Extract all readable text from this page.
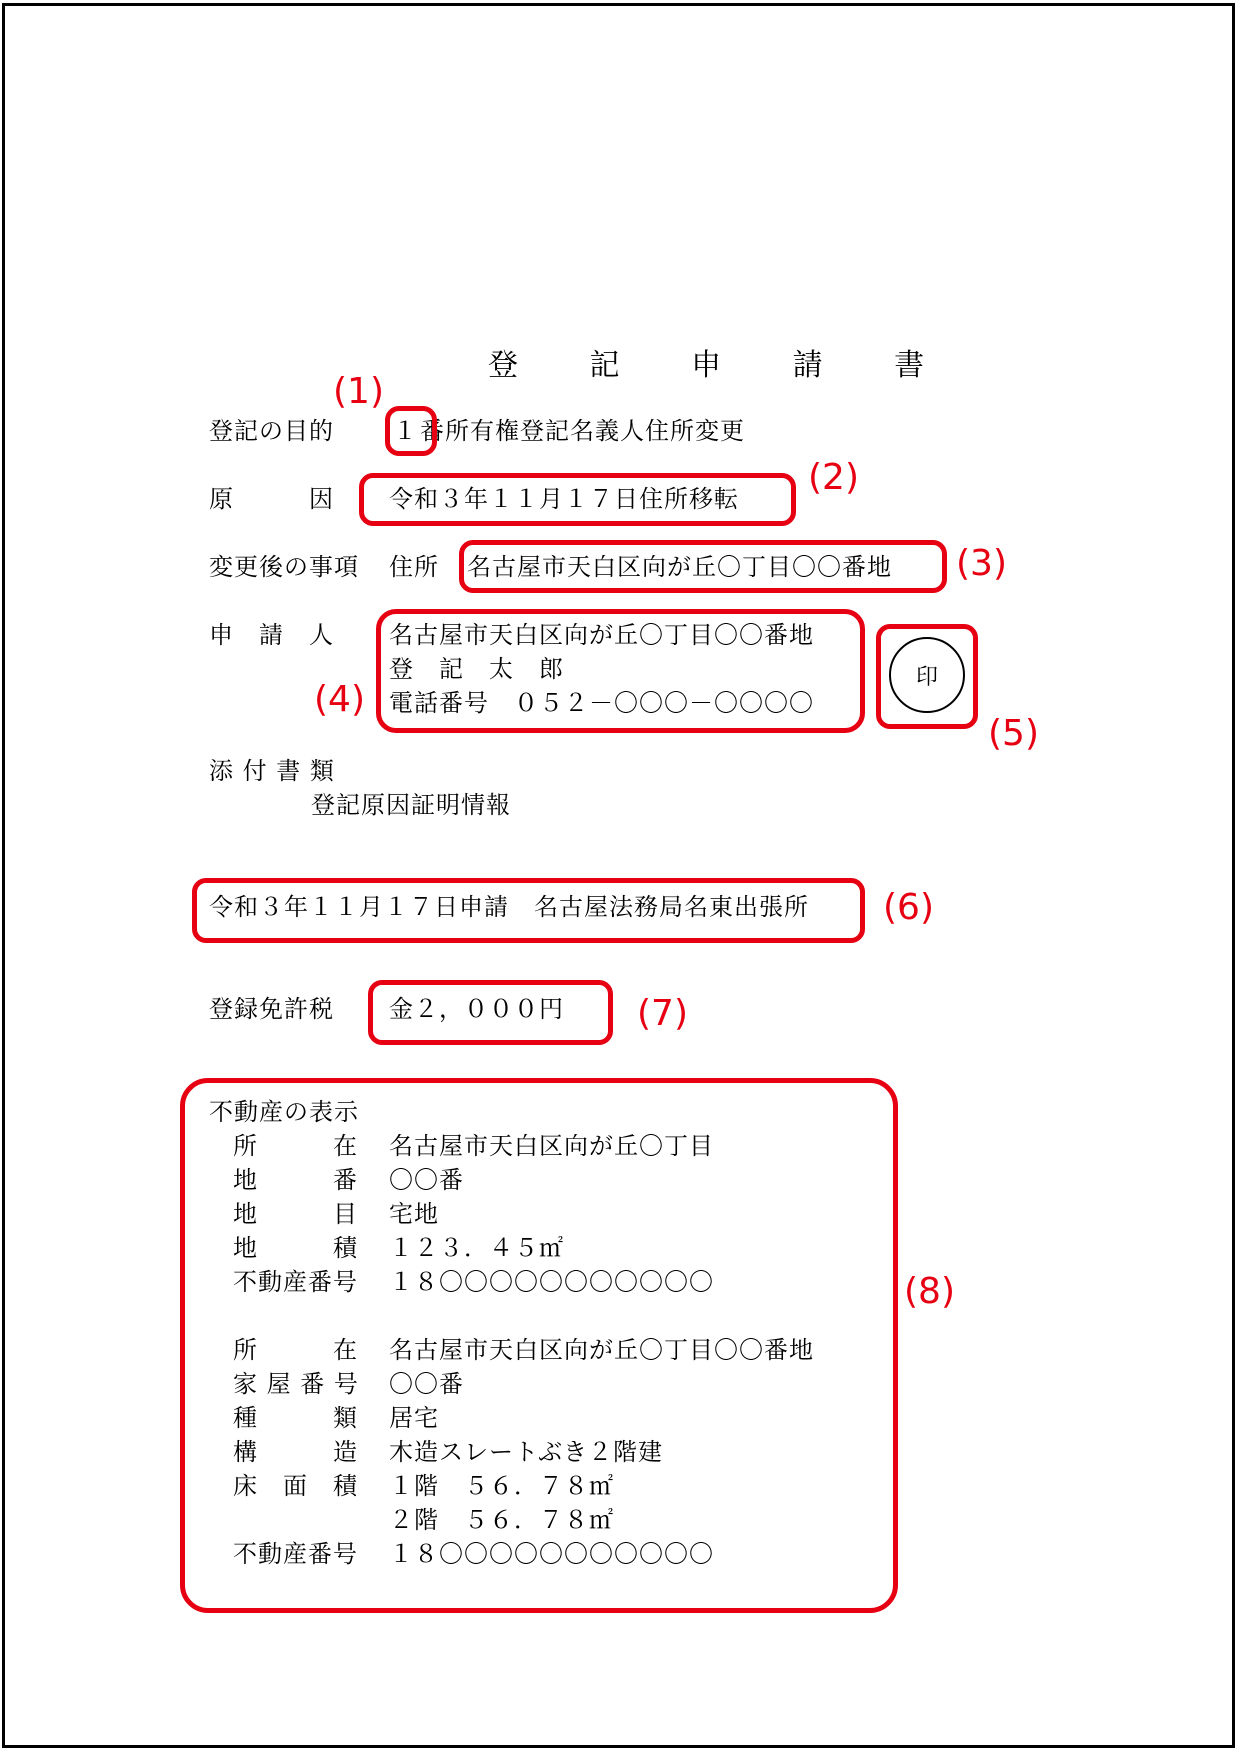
登 記 申 請 書
登記の目的 １ 番所有権登記名義人住所変更
原　　　因 令和３年１１月１７日住所移転
変更後の事項 住所 名古屋市天白区向が丘〇丁目〇〇番地
申　請　人 名古屋市天白区向が丘〇丁目〇〇番地
登　記　太　郎
電話番号　０５２－〇〇〇－〇〇〇〇
印
添 付 書 類
登記原因証明情報
令和３年１１月１７日申請　名古屋法務局名東出張所
登録免許税 金２，０００円
不動産の表示
所　　　在 名古屋市天白区向が丘〇丁目
地　　　番 〇〇番
地　　　目 宅地
地　　　積 １２３．４５㎡
不動産番号 １８〇〇〇〇〇〇〇〇〇〇〇
所　　　在 名古屋市天白区向が丘〇丁目〇〇番地
家 屋 番 号 〇〇番
種　　　類 居宅
構　　　造 木造スレートぶき２階建
床　面　積 １階　５６．７８㎡
２階　５６．７８㎡
不動産番号 １８〇〇〇〇〇〇〇〇〇〇〇
(1)
(2)
(3)
(4)
(5)
(6)
(7)
(8)
